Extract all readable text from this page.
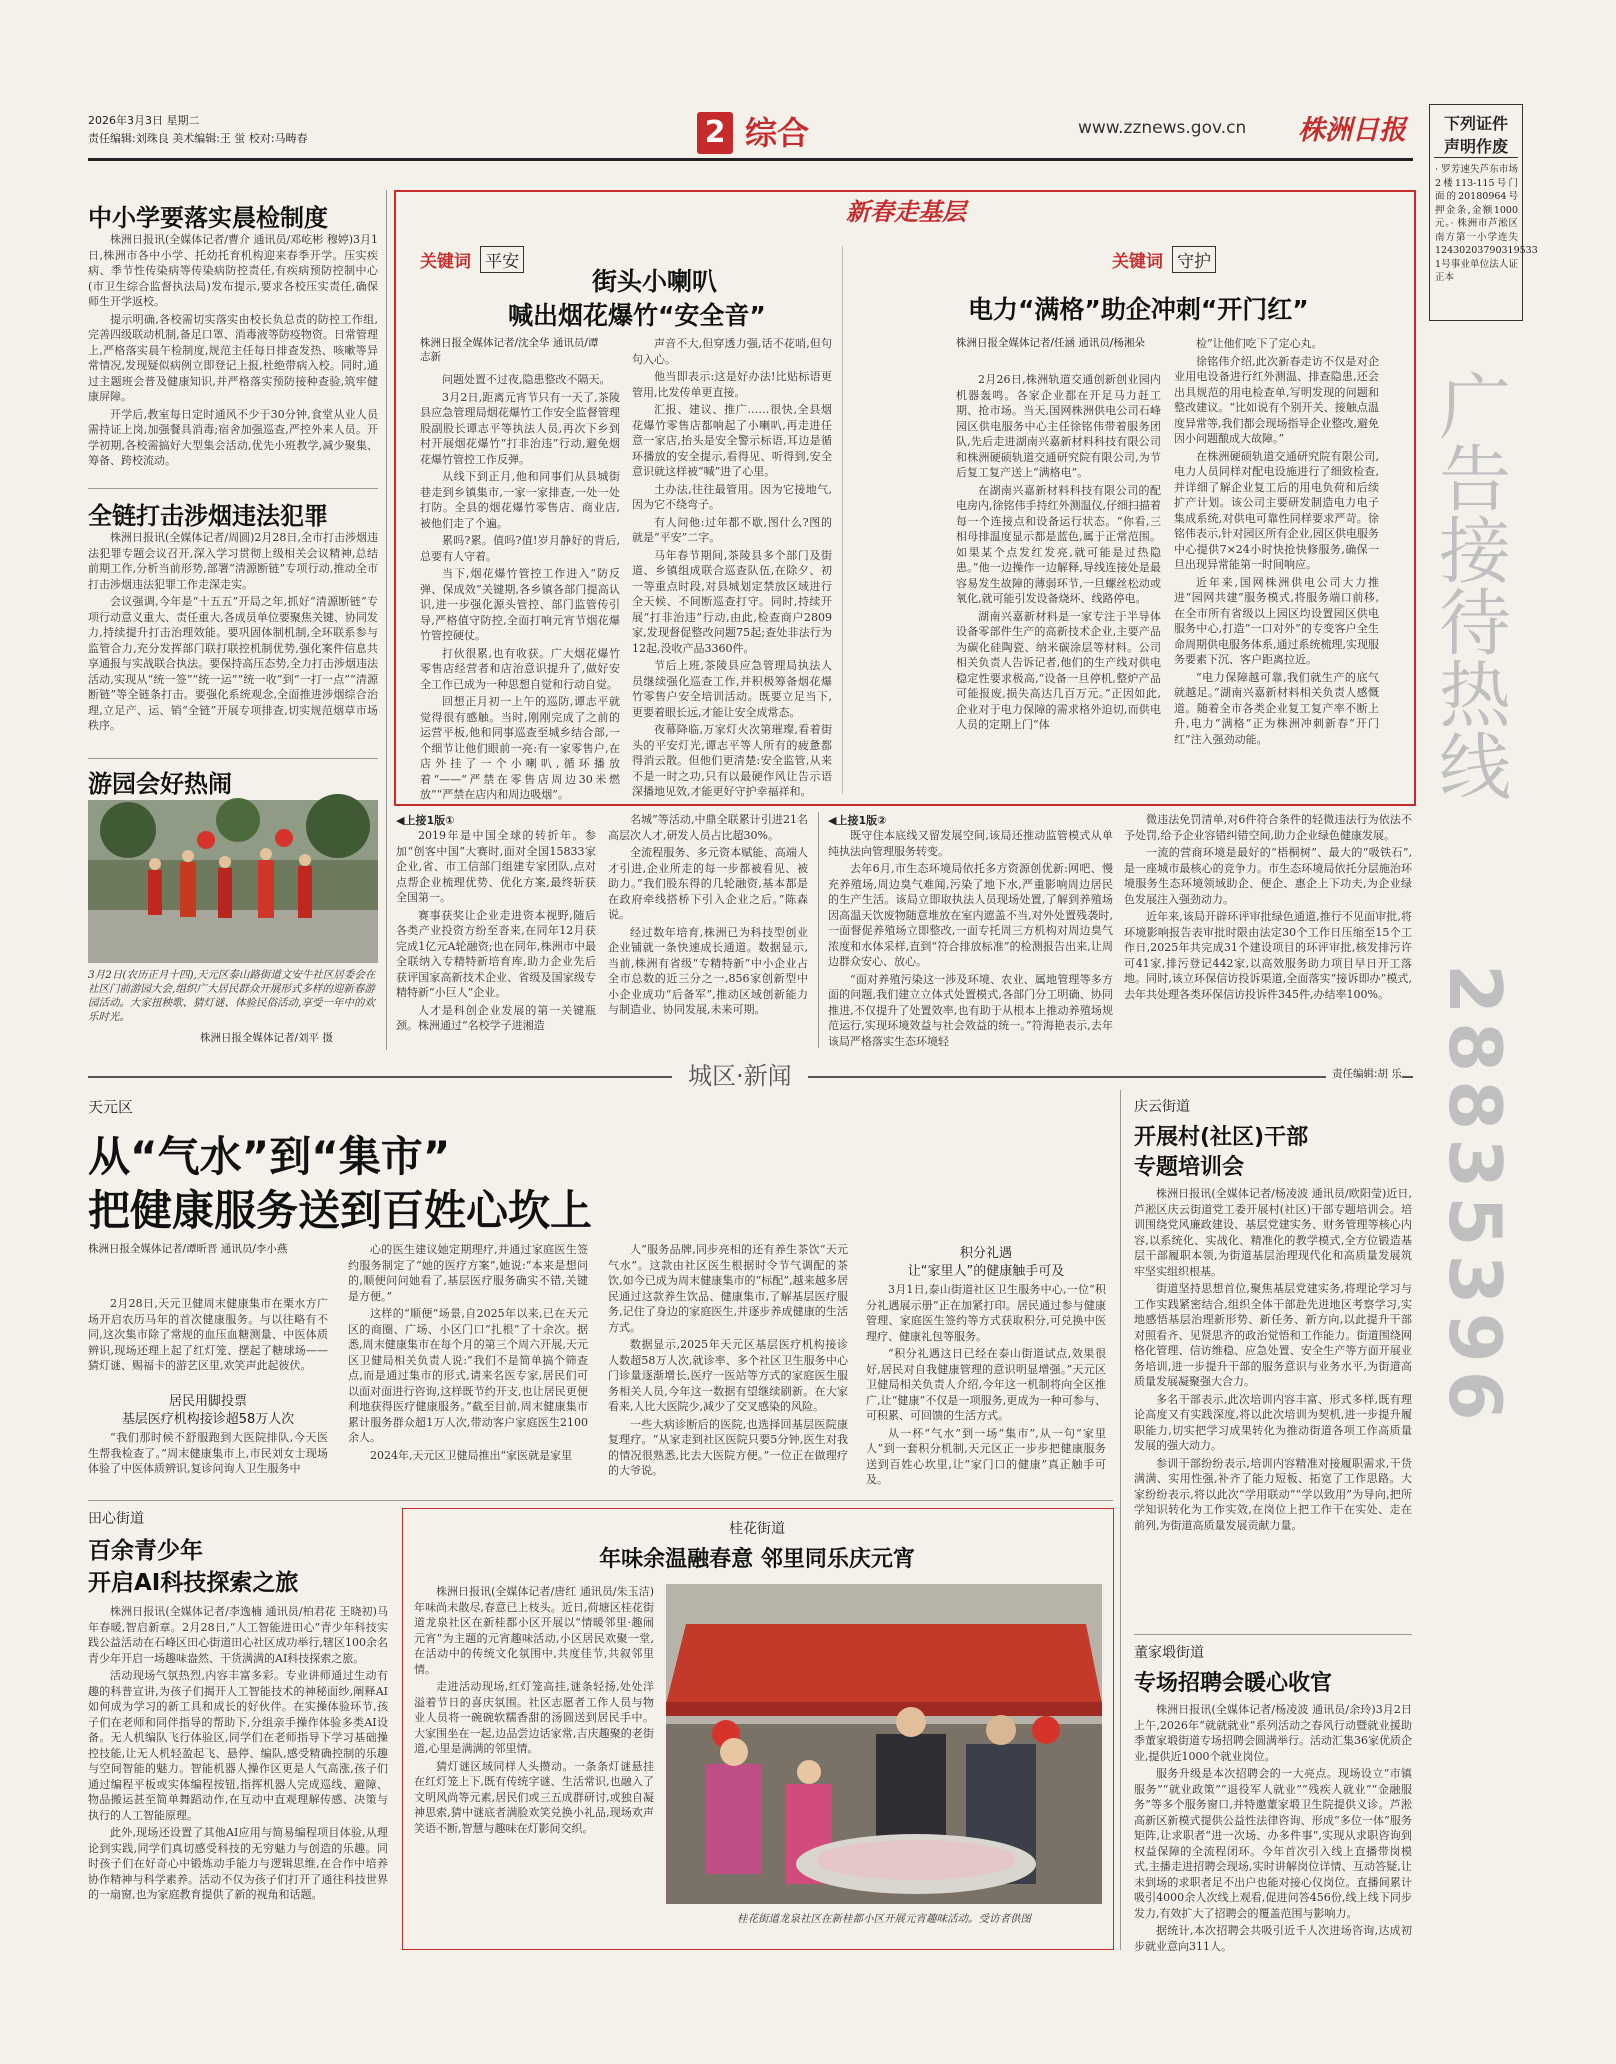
2026年3月3日 星期二
责任编辑:刘珠良 美术编辑:王 蛍 校对:马畴春	2 综合	www.zznews.gov.cn 株洲日报	下列证件
声明作废
· 罗芳速失芦东市场2楼113-115号门面的20180964号押金条,金额1000元。· 株洲市芦淞区南方第一小学连失12430203790319533 1号事业单位法人证正本
广告接待热线
28835396
中小学要落实晨检制度

株洲日报讯(全媒体记者/曹介 通讯员/邓屹彬 穆婷)3月1日,株洲市各中小学、托幼托育机构迎来春季开学。压实疾病、季节性传染病等传染病防控责任,有疾病预防控制中心(市卫生综合监督执法局)发布提示,要求各校压实责任,确保师生开学返校。

提示明确,各校需切实落实由校长负总责的防控工作组,完善四级联动机制,备足口罩、消毒液等防疫物资。日常管理上,严格落实晨午检制度,规范主任每日排查发热、咳嗽等异常情况,发现疑似病例立即登记上报,杜绝带病入校。同时,通过主题班会普及健康知识,并严格落实预防接种查验,筑牢健康屏障。

开学后,教室每日定时通风不少于30分钟,食堂从业人员需持证上岗,加强餐具消毒;宿舍加强巡查,严控外来人员。开学初期,各校需搞好大型集会活动,优先小班教学,减少聚集、筹备、跨校流动。

全链打击涉烟违法犯罪

株洲日报讯(全媒体记者/周圆)2月28日,全市打击涉烟违法犯罪专题会议召开,深入学习贯彻上级相关会议精神,总结前期工作,分析当前形势,部署“清源断链”专项行动,推动全市打击涉烟违法犯罪工作走深走实。

会议强调,今年是“十五五”开局之年,抓好“清源断链”专项行动意义重大、责任重大,各成员单位要聚焦关键、协同发力,持续提升打击治理效能。要巩固体制机制,全环联系参与监管合力,充分发挥部门联打联控机制优势,强化案件信息共享通报与实战联合执法。要保持高压态势,全力打击涉烟违法活动,实现从“统一签”“统一运”“统一收”到“一打一点”“清源断链”等全链条打击。要强化系统观念,全面推进涉烟综合治理,立足产、运、销“全链”开展专项排查,切实规范烟草市场秩序。

游园会好热闹
3月2日(农历正月十四),天元区泰山路街道文安牛社区居委会在社区门前游园大会,组织广大居民群众开展形式多样的迎新春游园活动。大家扭秧歌、猜灯谜、体验民俗活动,享受一年中的欢乐时光。
株洲日报全媒体记者/刘平 摄
新春走基层
关键词 平安
街头小喇叭
喊出烟花爆竹“安全音”
株洲日报全媒体记者/沈全华 通讯员/谭志新

问题处置不过夜,隐患整改不隔天。

3月2日,距离元宵节只有一天了,茶陵县应急管理局烟花爆竹工作安全监督管理股副股长谭志平等执法人员,再次下乡到村开展烟花爆竹“打非治违”行动,避免烟花爆竹管控工作反弹。

从线下到正月,他和同事们从县城街巷走到乡镇集市,一家一家排查,一处一处打防。全县的烟花爆竹零售店、商业店,被他们走了个遍。

累吗?累。值吗?值!岁月静好的背后,总要有人守着。

当下,烟花爆竹管控工作进入“防反弹、保成效”关键期,各乡镇各部门提高认识,进一步强化源头管控、部门监管传引导,严格值守防控,全面打响元宵节烟花爆竹管控硬仗。

打伙很累,也有收获。广大烟花爆竹零售店经营者和店治意识提升了,做好安全工作已成为一种思想自觉和行动自觉。

回想正月初一上午的巡防,谭志平就觉得很有感触。当时,刚刚完成了之前的运营平板,他和同事巡查至城乡结合部,一个细节让他们眼前一亮:有一家零售户,在店外挂了一个小喇叭,循环播放着“——“严禁在零售店周边30米燃放”“严禁在店内和周边吸烟”。

声音不大,但穿透力强,话不花哨,但句句入心。

他当即表示:这是好办法!比贴标语更管用,比发传单更直接。

汇报、建议、推广……很快,全县烟花爆竹零售店都响起了小喇叭,再走进任意一家店,抬头是安全警示标语,耳边是循环播放的安全提示,看得见、听得到,安全意识就这样被“喊”进了心里。

土办法,往往最管用。因为它接地气,因为它不绕弯子。

有人问他:过年都不歇,图什么?图的就是“平安”二字。

马年春节期间,茶陵县多个部门及街道、乡镇组成联合巡查队伍,在除夕、初一等重点时段,对县城划定禁放区域进行全天候、不间断巡查打守。同时,持续开展“打非治违”行动,由此,检查商户2809家,发现督促整改问题75起;查处非法行为12起,没收产品3360件。

节后上班,茶陵县应急管理局执法人员继续强化巡查工作,并积极筹备烟花爆竹零售户安全培训活动。既要立足当下,更要着眼长远,才能让安全成常态。

夜幕降临,万家灯火次第璀璨,看着街头的平安灯光,谭志平等人所有的疲惫都得消云散。但他们更清楚:安全监管,从来不是一时之功,只有以最硬作风让告示语深播地见效,才能更好守护幸福祥和。

关键词 守护
电力“满格”助企冲刺“开门红”
株洲日报全媒体记者/任涵 通讯员/杨湘朵

2月26日,株洲轨道交通创新创业园内机器轰鸣。各家企业都在开足马力赶工期、抢市场。当天,国网株洲供电公司石峰园区供电服务中心主任徐铭伟带着服务团队,先后走进湖南兴嘉新材料科技有限公司和株洲硬硕轨道交通研究院有限公司,为节后复工复产送上“满格电”。

在湖南兴嘉新材料科技有限公司的配电房内,徐铭伟手持红外测温仪,仔细扫描着每一个连接点和设备运行状态。“你看,三相母排温度显示都是蓝色,属于正常范围。如果某个点发红发亮,就可能是过热隐患。”他一边操作一边解释,导线连接处是最容易发生故障的薄弱环节,一旦螺丝松动或氧化,就可能引发设备烧坏、线路停电。

湖南兴嘉新材料是一家专注于半导体设备零部件生产的高新技术企业,主要产品为碳化硅陶瓷、纳米碳涂层等材料。公司相关负责人告诉记者,他们的生产线对供电稳定性要求极高,“设备一旦停机,整炉产品可能报废,损失高达几百万元。”正因如此,企业对于电力保障的需求格外迫切,而供电人员的定期上门“体

检”让他们吃下了定心丸。

徐铭伟介绍,此次新春走访不仅是对企业用电设备进行红外测温、排查隐患,还会出具规范的用电检查单,写明发现的问题和整改建议。“比如说有个别开关、接触点温度异常等,我们都会现场指导企业整改,避免因小问题酿成大故障。”

在株洲硬硕轨道交通研究院有限公司,电力人员同样对配电设施进行了细致检查,并详细了解企业复工后的用电负荷和后续扩产计划。该公司主要研发制造电力电子集成系统,对供电可靠性同样要求严苛。徐铭伟表示,针对园区所有企业,园区供电服务中心提供7×24小时快抢快修服务,确保一旦出现异常能第一时间响应。

近年来,国网株洲供电公司大力推进“园网共建”服务模式,将服务端口前移,在全市所有省级以上园区均设置园区供电服务中心,打造“一口对外”的专变客户全生命周期供电服务体系,通过系统梳理,实现服务要素下沉、客户距离拉近。

“电力保障越可靠,我们就生产的底气就越足。”湖南兴嘉新材料相关负责人感慨道。随着全市各类企业复工复产率不断上升,电力“满格”正为株洲冲刺新春“开门红”注入强劲动能。

◀上接1版①

2019年是中国全球的转折年。参加“创客中国”大赛时,面对全国15833家企业,省、市工信部门组建专家团队,点对点帮企业梳理优势、优化方案,最终斩获全国第一。

赛事获奖让企业走进资本视野,随后各类产业投资方纷至沓来,在同年12月获完成1亿元A轮融资;也在同年,株洲市中最全联纳入专精特新培育库,助力企业先后获评国家高新技术企业、省级及国家级专精特新“小巨人”企业。

人才是科创企业发展的第一关键瓶颈。株洲通过“名校学子进湘造

名城”等活动,中鼎全联累计引进21名高层次人才,研发人员占比超30%。

全流程服务、多元资本赋能、高端人才引进,企业所走的每一步都被看见、被助力。”我们股东得的几轮融资,基本都是在政府牵线搭桥下引入企业之后。”陈森说。

经过数年培育,株洲已为科技型创业企业铺就一条快速成长通道。数据显示,当前,株洲有省级“专精特新”中小企业占全市总数的近三分之一,856家创新型中小企业成功“后备军”,推动区域创新能力与制造业、协同发展,未来可期。

◀上接1版②

既守住本底线又留发展空间,该局还推动监管模式从单纯执法向管理服务转变。

去年6月,市生态环境局依托多方资源创优新:网吧、慢充养殖场,周边臭气难闻,污染了地下水,严重影响周边居民的生产生活。该局立即取执法人员现场处置,了解到养殖场因高温天饮废物随意堆放在室内遮盖不当,对外处置残袭时,一面督促养殖场立即整改,一面专托周三方机构对周边臭气浓度和水体采样,直到“符合排放标准”的检测报告出来,让周边群众安心、放心。

“面对养殖污染这一涉及环境、农业、属地管理等多方面的问题,我们建立立体式处置模式,各部门分工明确、协同推进,不仅提升了处置效率,也有助于从根本上推动养殖场规范运行,实现环境效益与社会效益的统一。”符海艳表示,去年该局严格落实生态环境轻

微违法免罚清单,对6件符合条件的轻微违法行为依法不予处罚,给予企业容错纠错空间,助力企业绿色健康发展。

一流的营商环境是最好的“梧桐树”、最大的“吸铁石”,是一座城市最核心的竞争力。市生态环境局依托分层施治环境服务生态环境领域助企、便企、惠企上下功夫,为企业绿色发展注入强劲动力。

近年来,该局开辟环评审批绿色通道,推行不见面审批,将环境影响报告表审批时限由法定30个工作日压缩至15个工作日,2025年共完成31个建设项目的环评审批,核发排污许可41家,排污登记442家,以高效服务助力项目早日开工落地。同时,该立环保信访投诉渠道,全面落实“接诉即办”模式,去年共处理各类环保信访投诉件345件,办结率100%。

城区·新闻	责任编辑:胡 乐
天元区
从“气水”到“集市”
把健康服务送到百姓心坎上
株洲日报全媒体记者/谭昕晋 通讯员/李小燕

2月28日,天元卫健周末健康集市在栗水方广场开启农历马年的首次健康服务。与以往略有不同,这次集市除了常规的血压血糖测量、中医体质辨识,现场还理上起了红灯笼、摆起了糖球场——猜灯谜、赐福卡的游艺区里,欢笑声此起彼伏。

居民用脚投票
基层医疗机构接诊超58万人次

“我们那时候不舒服跑到大医院排队,今天医生帮我检查了。”周末健康集市上,市民刘女士现场体验了中医体质辨识,复诊问询人卫生服务中

心的医生建议她定期理疗,并通过家庭医生签约服务制定了“她的医疗方案”,她说:“本来是想问的,顺便问问她看了,基层医疗服务确实不错,关键是方便。”

这样的“顺便”场景,自2025年以来,已在天元区的商圈、广场、小区门口“扎根”了十余次。据悉,周末健康集市在每个月的第三个周六开展,天元区卫健局相关负责人说:“我们不是简单搞个筛查点,而是通过集市的形式,请来名医专家,居民们可以面对面进行咨询,这样既节约开支,也让居民更便利地获得医疗健康服务。”截至目前,周末健康集市累计服务群众超1万人次,带动客户家庭医生2100余人。

2024年,天元区卫健局推出“家医就是家里

人”服务品牌,同步亮相的还有养生茶饮“天元气水”。这款由社区医生根据时令节气调配的茶饮,如今已成为周末健康集市的“标配”,越来越多居民通过这款养生饮品、健康集市,了解基层医疗服务,记住了身边的家庭医生,并逐步养成健康的生活方式。

数据显示,2025年天元区基层医疗机构接诊人数超58万人次,就诊率、多个社区卫生服务中心门诊量逐渐增长,医疗一医站等方式的家庭医生服务相关人员,今年这一数据有望继续刷新。在大家看来,人比大医院少,减少了交叉感染的风险。

一些大病诊断后的医院,也选择回基层医院康复理疗。“从家走到社区医院只要5分钟,医生对我的情况很熟悉,比去大医院方便。”一位正在做理疗的大爷说。

积分礼遇
让“家里人”的健康触手可及

3月1日,泰山街道社区卫生服务中心,一位“积分礼遇展示册”正在加紧打印。居民通过参与健康管理、家庭医生签约等方式获取积分,可兑换中医理疗、健康礼包等服务。

“积分礼遇这日已经在泰山街道试点,效果很好,居民对自我健康管理的意识明显增强。”天元区卫健局相关负责人介绍,今年这一机制将向全区推广,让“健康”不仅是一项服务,更成为一种可参与、可积累、可回馈的生活方式。

从一杯“气水”到一场“集市”,从一句“家里人”到一套积分机制,天元区正一步步把健康服务送到百姓心坎里,让“家门口的健康”真正触手可及。

田心街道
百余青少年
开启AI科技探索之旅

株洲日报讯(全媒体记者/李逸楠 通讯员/柏君花 王晓初)马年春暖,智启新章。2月28日,“人工智能进田心”青少年科技实践公益活动在石峰区田心街道田心社区成功举行,辖区100余名青少年开启一场趣味盎然、干货满满的AI科技探索之旅。

活动现场气氛热烈,内容丰富多彩。专业讲师通过生动有趣的科普宣讲,为孩子们揭开人工智能技术的神秘面纱,阐释AI如何成为学习的新工具和成长的好伙伴。在实操体验环节,孩子们在老师和同伴指导的帮助下,分组亲手操作体验多类AI设备。无人机编队飞行体验区,同学们在老师指导下学习基础操控技能,让无人机轻盈起飞、悬停、编队,感受精确控制的乐趣与空间智能的魅力。智能机器人操作区更是人气高涨,孩子们通过编程平板或实体编程按钮,指挥机器人完成巡线、避障、物品搬运甚至简单舞蹈动作,在互动中直观理解传感、决策与执行的人工智能原理。

此外,现场还设置了其他AI应用与简易编程项目体验,从理论到实践,同学们真切感受科技的无穷魅力与创造的乐趣。同时孩子们在好奇心中锻炼动手能力与逻辑思维,在合作中培养协作精神与科学素养。活动不仅为孩子们打开了通往科技世界的一扇窗,也为家庭教育提供了新的视角和话题。

桂花街道
年味余温融春意 邻里同乐庆元宵

株洲日报讯(全媒体记者/唐红 通讯员/朱玉洁)年味尚未散尽,春意已上枝头。近日,荷塘区桂花街道龙泉社区在新桂都小区开展以“情暖邻里·趣闹元宵”为主题的元宵趣味活动,小区居民欢聚一堂,在活动中的传统文化氛围中,共度佳节,共叙邻里情。

走进活动现场,红灯笼高挂,谜条轻扬,处处洋溢着节日的喜庆氛围。社区志愿者工作人员与物业人员将一碗碗软糯香甜的汤圆送到居民手中。大家围坐在一起,边品尝边话家常,吉庆趣聚的老街道,心里是满满的邻里情。

猜灯谜区域同样人头攒动。一条条灯谜悬挂在红灯笼上下,既有传统字谜、生活常识,也融入了文明风尚等元素,居民们或三五成群研讨,或独自凝神思索,猜中谜底者满脸欢笑兑换小礼品,现场欢声笑语不断,智慧与趣味在灯影间交织。

桂花街道龙泉社区在新桂都小区开展元宵趣味活动。受访者供图
庆云街道
开展村(社区)干部
专题培训会

株洲日报讯(全媒体记者/杨凌波 通讯员/欧阳莹)近日,芦淞区庆云街道党工委开展村(社区)干部专题培训会。培训围绕党风廉政建设、基层党建实务、财务管理等核心内容,以系统化、实战化、精准化的教学模式,全方位锻造基层干部履职本领,为街道基层治理现代化和高质量发展筑牢坚实组织根基。

街道坚持思想首位,聚焦基层党建实务,将理论学习与工作实践紧密结合,组织全体干部赴先进地区考察学习,实地感悟基层治理新形势、新任务、新方向,以此提升干部对照看齐、见贤思齐的政治觉悟和工作能力。街道围绕网格化管理、信访维稳、应急处置、安全生产等方面开展业务培训,进一步提升干部的服务意识与业务水平,为街道高质量发展凝聚强大合力。

多名干部表示,此次培训内容丰富、形式多样,既有理论高度又有实践深度,将以此次培训为契机,进一步提升履职能力,切实把学习成果转化为推动街道各项工作高质量发展的强大动力。

参训干部纷纷表示,培训内容精准对接履职需求,干货满满、实用性强,补齐了能力短板、拓宽了工作思路。大家纷纷表示,将以此次“学用联动”“学以致用”为导向,把所学知识转化为工作实效,在岗位上把工作干在实处、走在前列,为街道高质量发展贡献力量。

董家塅街道
专场招聘会暖心收官

株洲日报讯(全媒体记者/杨凌波 通讯员/余玲)3月2日上午,2026年“就就就业”系列活动之春风行动暨就业援助季董家塅街道专场招聘会圆满举行。活动汇集36家优质企业,提供近1000个就业岗位。

服务升级是本次招聘会的一大亮点。现场设立“市镇服务”“就业政策”“退役军人就业”“残疾人就业”“金融服务”等多个服务窗口,并特邀董家塅卫生院提供义诊。芦淞高新区新模式提供公益性法律咨询、形成“多位一体”服务矩阵,让求职者“进一次场、办多件事”,实现从求职咨询到权益保障的全流程闭环。今年首次引入线上直播带岗模式,主播走进招聘会现场,实时讲解岗位详情、互动答疑,让未到场的求职者足不出户也能对接心仪岗位。直播间累计吸引4000余人次线上观看,促进问答456份,线上线下同步发力,有效扩大了招聘会的覆盖范围与影响力。

据统计,本次招聘会共吸引近千人次进场咨询,达成初步就业意向311人。
